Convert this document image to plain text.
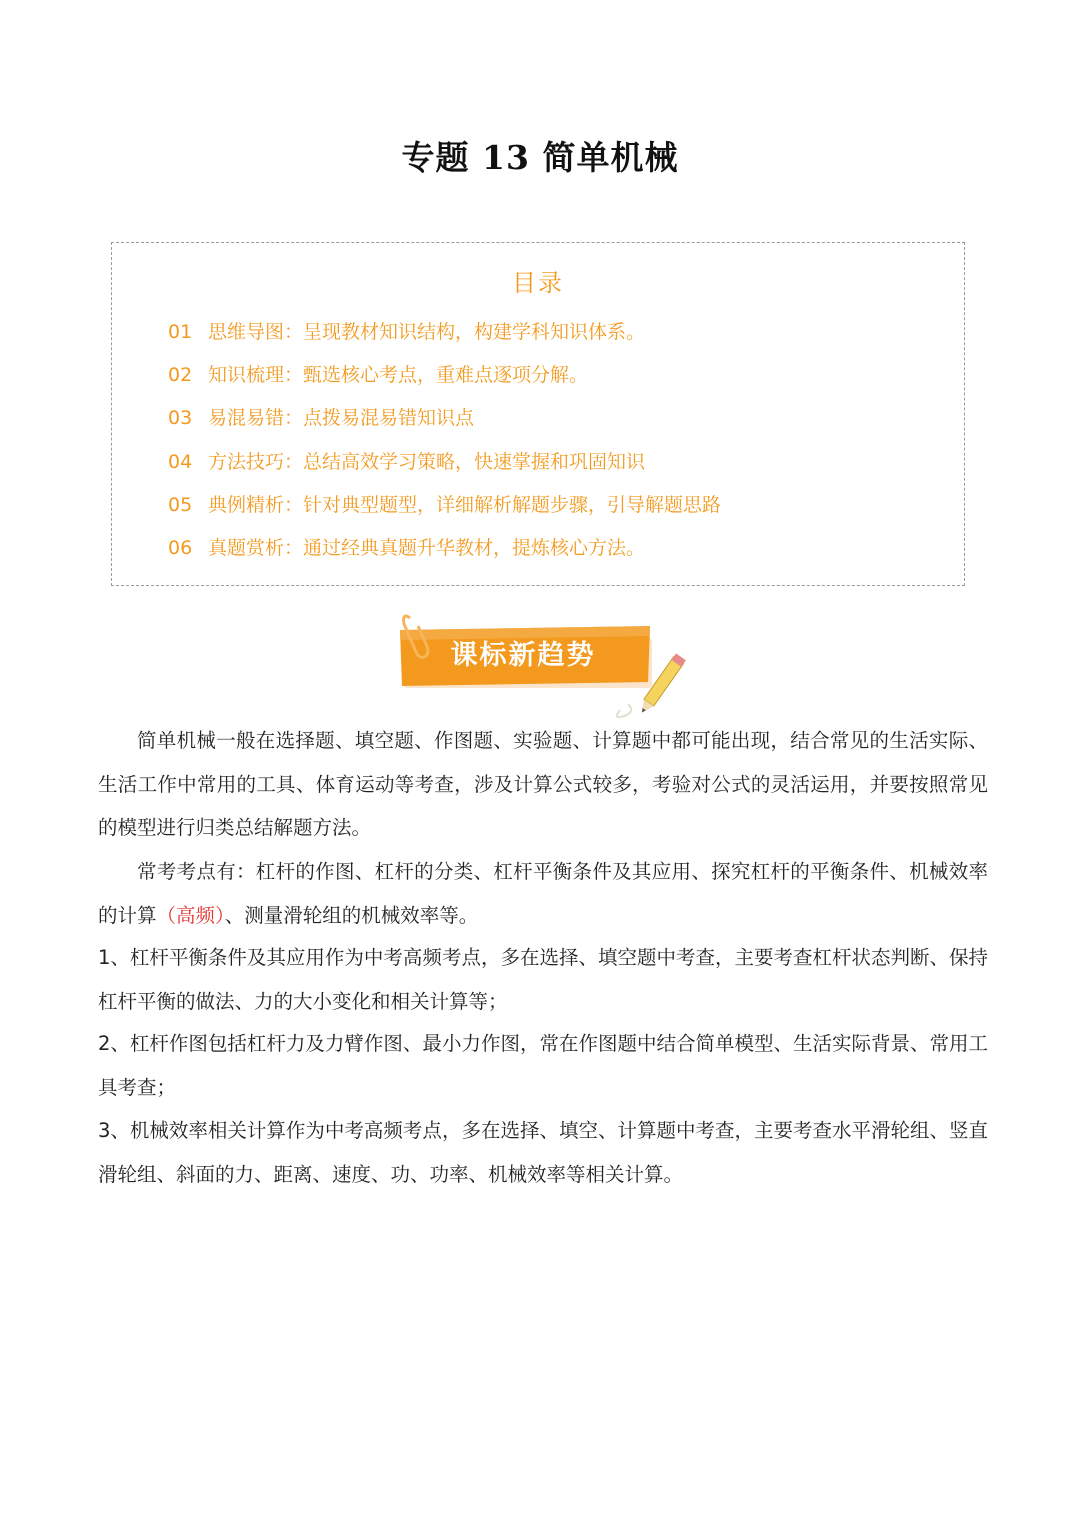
专题 13 简单机械
目录
01 思维导图：呈现教材知识结构，构建学科知识体系。
02 知识梳理：甄选核心考点，重难点逐项分解。
03 易混易错：点拨易混易错知识点
04 方法技巧：总结高效学习策略，快速掌握和巩固知识
05 典例精析：针对典型题型，详细解析解题步骤，引导解题思路
06 真题赏析：通过经典真题升华教材，提炼核心方法。
课标新趋势
简单机械一般在选择题、填空题、作图题、实验题、计算题中都可能出现，结合常见的生活实际、生活工作中常用的工具、体育运动等考查，涉及计算公式较多，考验对公式的灵活运用，并要按照常见的模型进行归类总结解题方法。
常考考点有：杠杆的作图、杠杆的分类、杠杆平衡条件及其应用、探究杠杆的平衡条件、机械效率的计算（高频）、测量滑轮组的机械效率等。
1、杠杆平衡条件及其应用作为中考高频考点，多在选择、填空题中考查，主要考查杠杆状态判断、保持杠杆平衡的做法、力的大小变化和相关计算等；
2、杠杆作图包括杠杆力及力臂作图、最小力作图，常在作图题中结合简单模型、生活实际背景、常用工具考查；
3、机械效率相关计算作为中考高频考点，多在选择、填空、计算题中考查，主要考查水平滑轮组、竖直滑轮组、斜面的力、距离、速度、功、功率、机械效率等相关计算。
